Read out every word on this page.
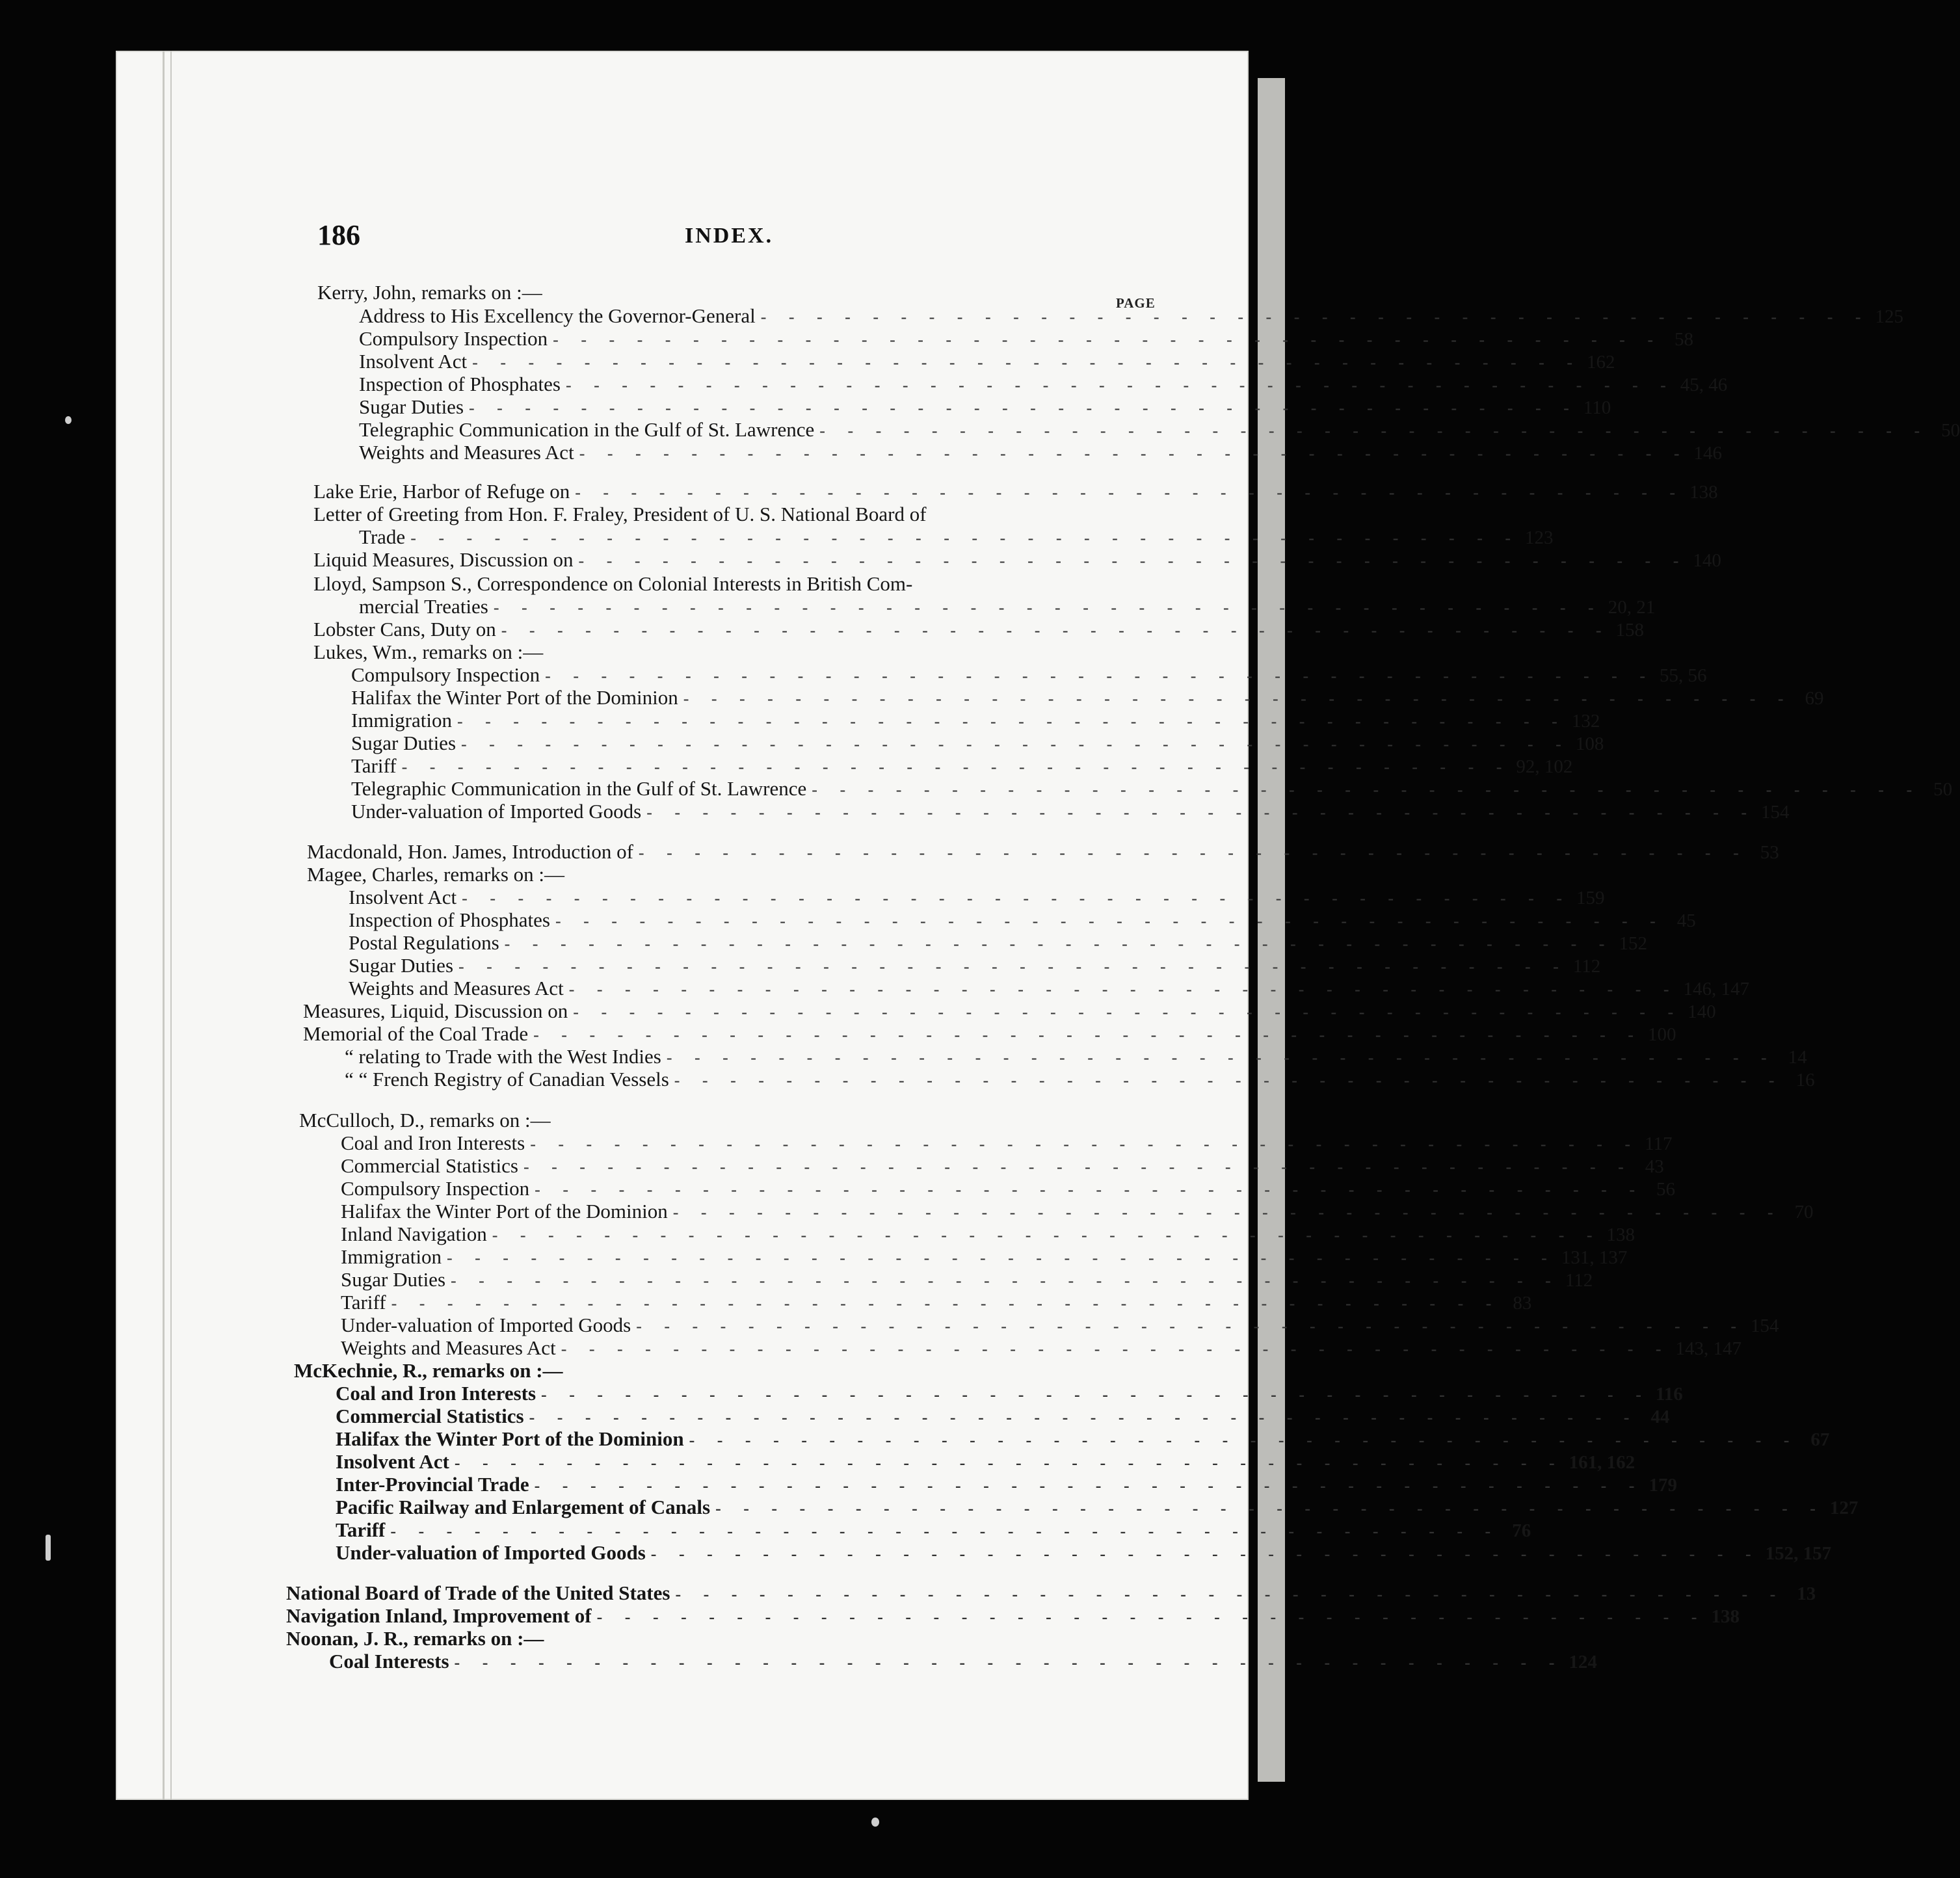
186	INDEX.
PAGE
Kerry, John, remarks on :—
Address to His Excellency the Governor-General - - - - - - - - - - - - - - - - - - - - - - - - - - - - - - - - - - - - - - - - 125
Compulsory Inspection - - - - - - - - - - - - - - - - - - - - - - - - - - - - - - - - - - - - - - - - 58
Insolvent Act - - - - - - - - - - - - - - - - - - - - - - - - - - - - - - - - - - - - - - - - 162
Inspection of Phosphates - - - - - - - - - - - - - - - - - - - - - - - - - - - - - - - - - - - - - - - - 45, 46
Sugar Duties - - - - - - - - - - - - - - - - - - - - - - - - - - - - - - - - - - - - - - - - 110
Telegraphic Communication in the Gulf of St. Lawrence - - - - - - - - - - - - - - - - - - - - - - - - - - - - - - - - - - - - - - - - 50
Weights and Measures Act - - - - - - - - - - - - - - - - - - - - - - - - - - - - - - - - - - - - - - - - 146
Lake Erie, Harbor of Refuge on - - - - - - - - - - - - - - - - - - - - - - - - - - - - - - - - - - - - - - - - 138
Letter of Greeting from Hon. F. Fraley, President of U. S. National Board of
Trade - - - - - - - - - - - - - - - - - - - - - - - - - - - - - - - - - - - - - - - - 123
Liquid Measures, Discussion on - - - - - - - - - - - - - - - - - - - - - - - - - - - - - - - - - - - - - - - - 140
Lloyd, Sampson S., Correspondence on Colonial Interests in British Com-
mercial Treaties - - - - - - - - - - - - - - - - - - - - - - - - - - - - - - - - - - - - - - - - 20, 21
Lobster Cans, Duty on - - - - - - - - - - - - - - - - - - - - - - - - - - - - - - - - - - - - - - - - 158
Lukes, Wm., remarks on :—
Compulsory Inspection - - - - - - - - - - - - - - - - - - - - - - - - - - - - - - - - - - - - - - - - 55, 56
Halifax the Winter Port of the Dominion - - - - - - - - - - - - - - - - - - - - - - - - - - - - - - - - - - - - - - - - 69
Immigration - - - - - - - - - - - - - - - - - - - - - - - - - - - - - - - - - - - - - - - - 132
Sugar Duties - - - - - - - - - - - - - - - - - - - - - - - - - - - - - - - - - - - - - - - - 108
Tariff - - - - - - - - - - - - - - - - - - - - - - - - - - - - - - - - - - - - - - - - 92, 102
Telegraphic Communication in the Gulf of St. Lawrence - - - - - - - - - - - - - - - - - - - - - - - - - - - - - - - - - - - - - - - - 50
Under-valuation of Imported Goods - - - - - - - - - - - - - - - - - - - - - - - - - - - - - - - - - - - - - - - - 154
Macdonald, Hon. James, Introduction of - - - - - - - - - - - - - - - - - - - - - - - - - - - - - - - - - - - - - - - - 53
Magee, Charles, remarks on :—
Insolvent Act - - - - - - - - - - - - - - - - - - - - - - - - - - - - - - - - - - - - - - - - 159
Inspection of Phosphates - - - - - - - - - - - - - - - - - - - - - - - - - - - - - - - - - - - - - - - - 45
Postal Regulations - - - - - - - - - - - - - - - - - - - - - - - - - - - - - - - - - - - - - - - - 152
Sugar Duties - - - - - - - - - - - - - - - - - - - - - - - - - - - - - - - - - - - - - - - - 112
Weights and Measures Act - - - - - - - - - - - - - - - - - - - - - - - - - - - - - - - - - - - - - - - - 146, 147
Measures, Liquid, Discussion on - - - - - - - - - - - - - - - - - - - - - - - - - - - - - - - - - - - - - - - - 140
Memorial of the Coal Trade - - - - - - - - - - - - - - - - - - - - - - - - - - - - - - - - - - - - - - - - 100
“ relating to Trade with the West Indies - - - - - - - - - - - - - - - - - - - - - - - - - - - - - - - - - - - - - - - - 14
“ “ French Registry of Canadian Vessels - - - - - - - - - - - - - - - - - - - - - - - - - - - - - - - - - - - - - - - - 16
McCulloch, D., remarks on :—
Coal and Iron Interests - - - - - - - - - - - - - - - - - - - - - - - - - - - - - - - - - - - - - - - - 117
Commercial Statistics - - - - - - - - - - - - - - - - - - - - - - - - - - - - - - - - - - - - - - - - 43
Compulsory Inspection - - - - - - - - - - - - - - - - - - - - - - - - - - - - - - - - - - - - - - - - 56
Halifax the Winter Port of the Dominion - - - - - - - - - - - - - - - - - - - - - - - - - - - - - - - - - - - - - - - - 70
Inland Navigation - - - - - - - - - - - - - - - - - - - - - - - - - - - - - - - - - - - - - - - - 138
Immigration - - - - - - - - - - - - - - - - - - - - - - - - - - - - - - - - - - - - - - - - 131, 137
Sugar Duties - - - - - - - - - - - - - - - - - - - - - - - - - - - - - - - - - - - - - - - - 112
Tariff - - - - - - - - - - - - - - - - - - - - - - - - - - - - - - - - - - - - - - - - 83
Under-valuation of Imported Goods - - - - - - - - - - - - - - - - - - - - - - - - - - - - - - - - - - - - - - - - 154
Weights and Measures Act - - - - - - - - - - - - - - - - - - - - - - - - - - - - - - - - - - - - - - - - 143, 147
McKechnie, R., remarks on :—
Coal and Iron Interests - - - - - - - - - - - - - - - - - - - - - - - - - - - - - - - - - - - - - - - - 116
Commercial Statistics - - - - - - - - - - - - - - - - - - - - - - - - - - - - - - - - - - - - - - - - 44
Halifax the Winter Port of the Dominion - - - - - - - - - - - - - - - - - - - - - - - - - - - - - - - - - - - - - - - - 67
Insolvent Act - - - - - - - - - - - - - - - - - - - - - - - - - - - - - - - - - - - - - - - - 161, 162
Inter-Provincial Trade - - - - - - - - - - - - - - - - - - - - - - - - - - - - - - - - - - - - - - - - 179
Pacific Railway and Enlargement of Canals - - - - - - - - - - - - - - - - - - - - - - - - - - - - - - - - - - - - - - - - 127
Tariff - - - - - - - - - - - - - - - - - - - - - - - - - - - - - - - - - - - - - - - - 76
Under-valuation of Imported Goods - - - - - - - - - - - - - - - - - - - - - - - - - - - - - - - - - - - - - - - - 152, 157
National Board of Trade of the United States - - - - - - - - - - - - - - - - - - - - - - - - - - - - - - - - - - - - - - - - 13
Navigation Inland, Improvement of - - - - - - - - - - - - - - - - - - - - - - - - - - - - - - - - - - - - - - - - 138
Noonan, J. R., remarks on :—
Coal Interests - - - - - - - - - - - - - - - - - - - - - - - - - - - - - - - - - - - - - - - - 124
